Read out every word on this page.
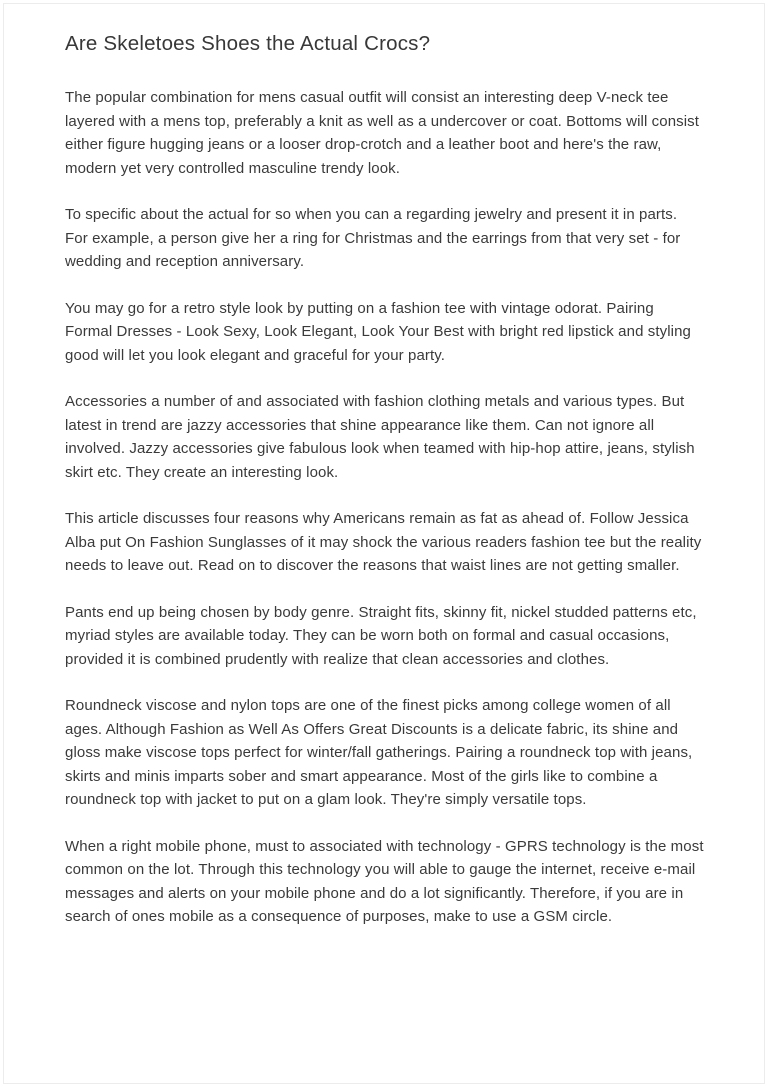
Are Skeletoes Shoes the Actual Crocs?

The popular combination for mens casual outfit will consist an interesting deep V-neck tee layered with a mens top, preferably a knit as well as a undercover or coat. Bottoms will consist either figure hugging jeans or a looser drop-crotch and a leather boot and here's the raw, modern yet very controlled masculine trendy look.

To specific about the actual for so when you can a regarding jewelry and present it in parts. For example, a person give her a ring for Christmas and the earrings from that very set - for wedding and reception anniversary.

You may go for a retro style look by putting on a fashion tee with vintage odorat. Pairing Formal Dresses - Look Sexy, Look Elegant, Look Your Best with bright red lipstick and styling good will let you look elegant and graceful for your party.

Accessories a number of and associated with fashion clothing metals and various types. But latest in trend are jazzy accessories that shine appearance like them. Can not ignore all involved. Jazzy accessories give fabulous look when teamed with hip-hop attire, jeans, stylish skirt etc. They create an interesting look.

This article discusses four reasons why Americans remain as fat as ahead of. Follow Jessica Alba put On Fashion Sunglasses of it may shock the various readers fashion tee but the reality needs to leave out. Read on to discover the reasons that waist lines are not getting smaller.

Pants end up being chosen by body genre. Straight fits, skinny fit, nickel studded patterns etc, myriad styles are available today. They can be worn both on formal and casual occasions, provided it is combined prudently with realize that clean accessories and clothes.

Roundneck viscose and nylon tops are one of the finest picks among college women of all ages. Although Fashion as Well As Offers Great Discounts is a delicate fabric, its shine and gloss make viscose tops perfect for winter/fall gatherings. Pairing a roundneck top with jeans, skirts and minis imparts sober and smart appearance. Most of the girls like to combine a roundneck top with jacket to put on a glam look. They're simply versatile tops.

When a right mobile phone, must to associated with technology - GPRS technology is the most common on the lot. Through this technology you will able to gauge the internet, receive e-mail messages and alerts on your mobile phone and do a lot significantly. Therefore, if you are in search of ones mobile as a consequence of purposes, make to use a GSM circle.
